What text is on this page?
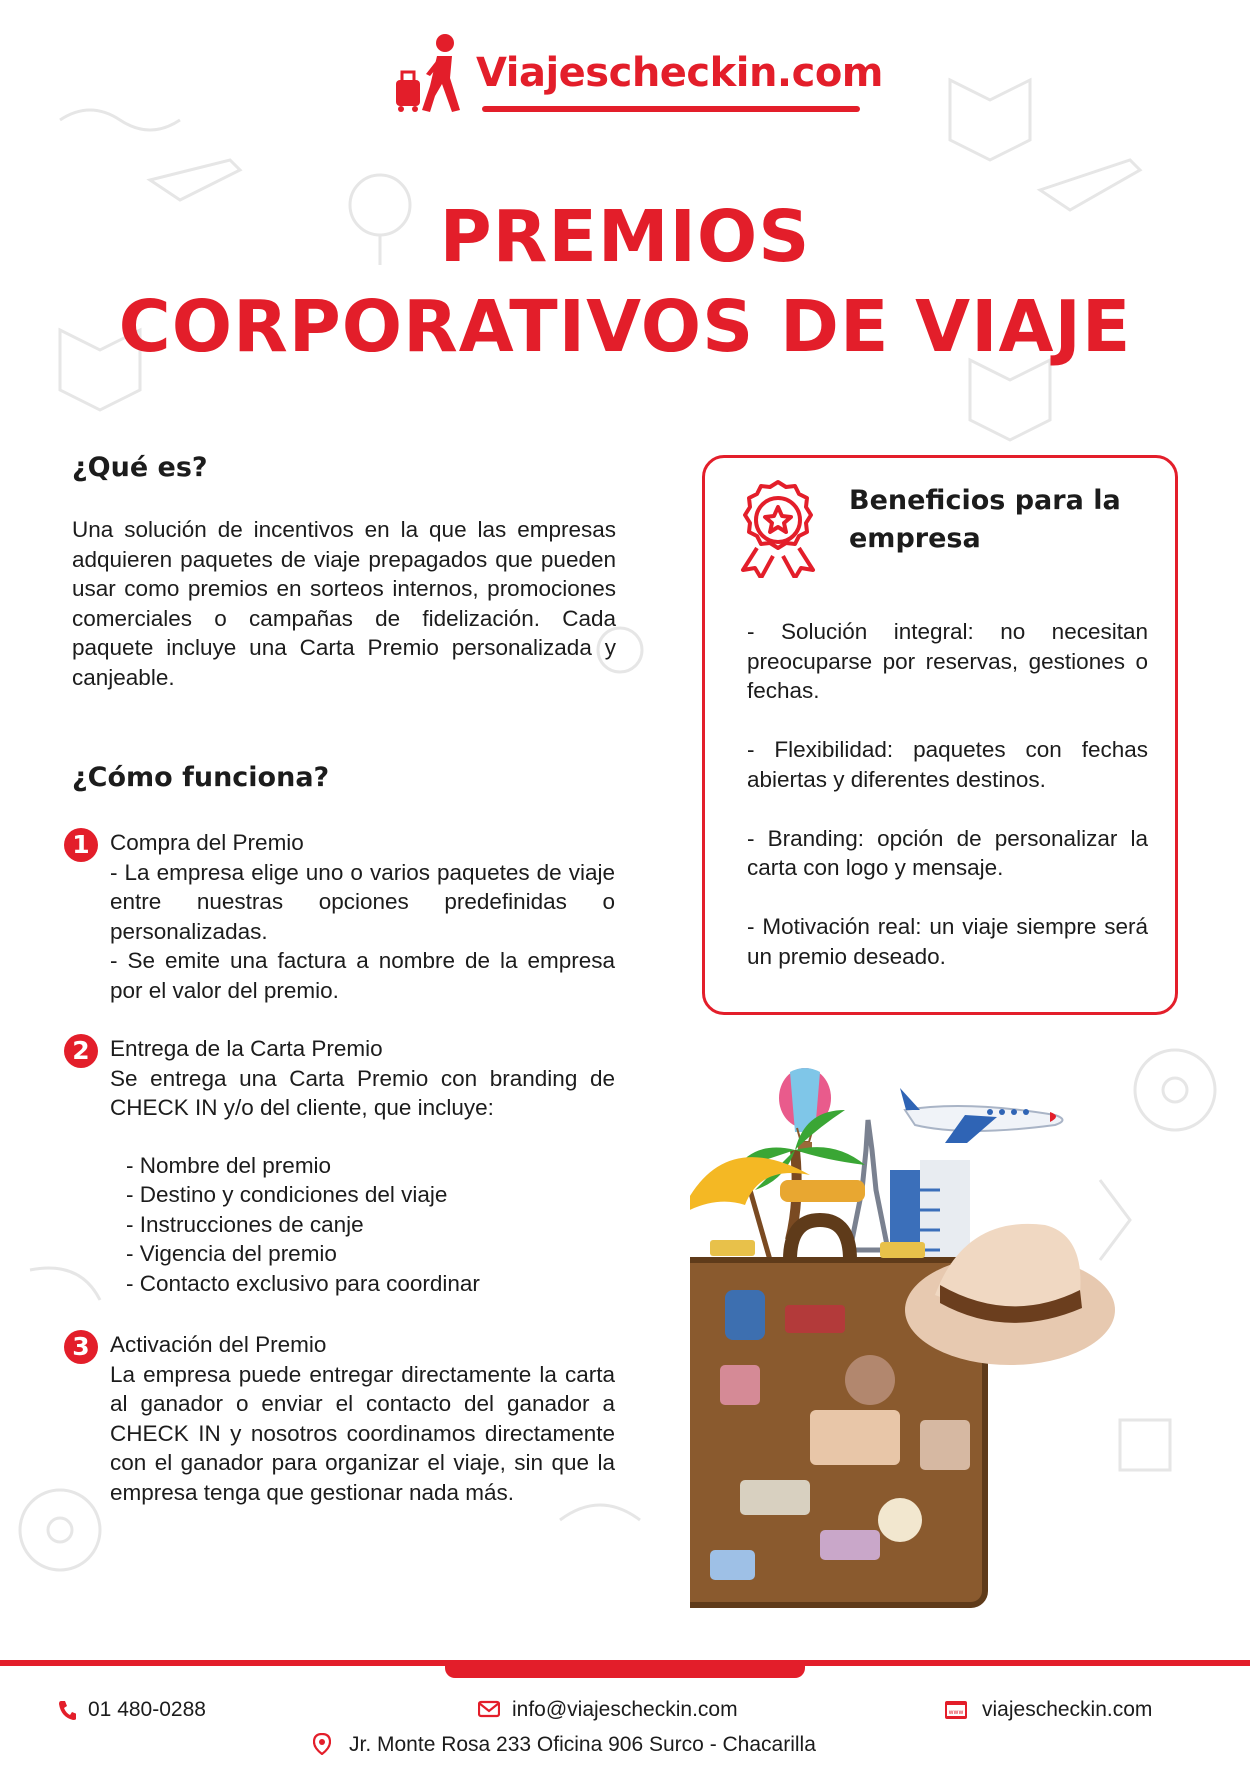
Viajescheckin.com
PREMIOS
CORPORATIVOS DE VIAJE
¿Qué es?
Una solución de incentivos en la que las empresas adquieren paquetes de viaje prepagados que pueden usar como premios en sorteos internos, promociones comerciales o campañas de fidelización. Cada paquete incluye una Carta Premio personalizada y canjeable.
¿Cómo funciona?
1 Compra del Premio

- La empresa elige uno o varios paquetes de viaje entre nuestras opciones predefinidas o personalizadas.

- Se emite una factura a nombre de la empresa por el valor del premio.

2 Entrega de la Carta Premio

Se entrega una Carta Premio con branding de CHECK IN y/o del cliente, que incluye:

- Nombre del premio

- Destino y condiciones del viaje

- Instrucciones de canje

- Vigencia del premio

- Contacto exclusivo para coordinar

3 Activación del Premio

La empresa puede entregar directamente la carta al ganador o enviar el contacto del ganador a CHECK IN y nosotros coordinamos directamente con el ganador para organizar el viaje, sin que la empresa tenga que gestionar nada más.

Beneficios para la empresa

- Solución integral: no necesitan preocuparse por reservas, gestiones o fechas.

- Flexibilidad: paquetes con fechas abiertas y diferentes destinos.

- Branding: opción de personalizar la carta con logo y mensaje.

- Motivación real: un viaje siempre será un premio deseado.

01 480-0288	info@viajescheckin.com	www viajescheckin.com
Jr. Monte Rosa 233 Oficina 906 Surco - Chacarilla
